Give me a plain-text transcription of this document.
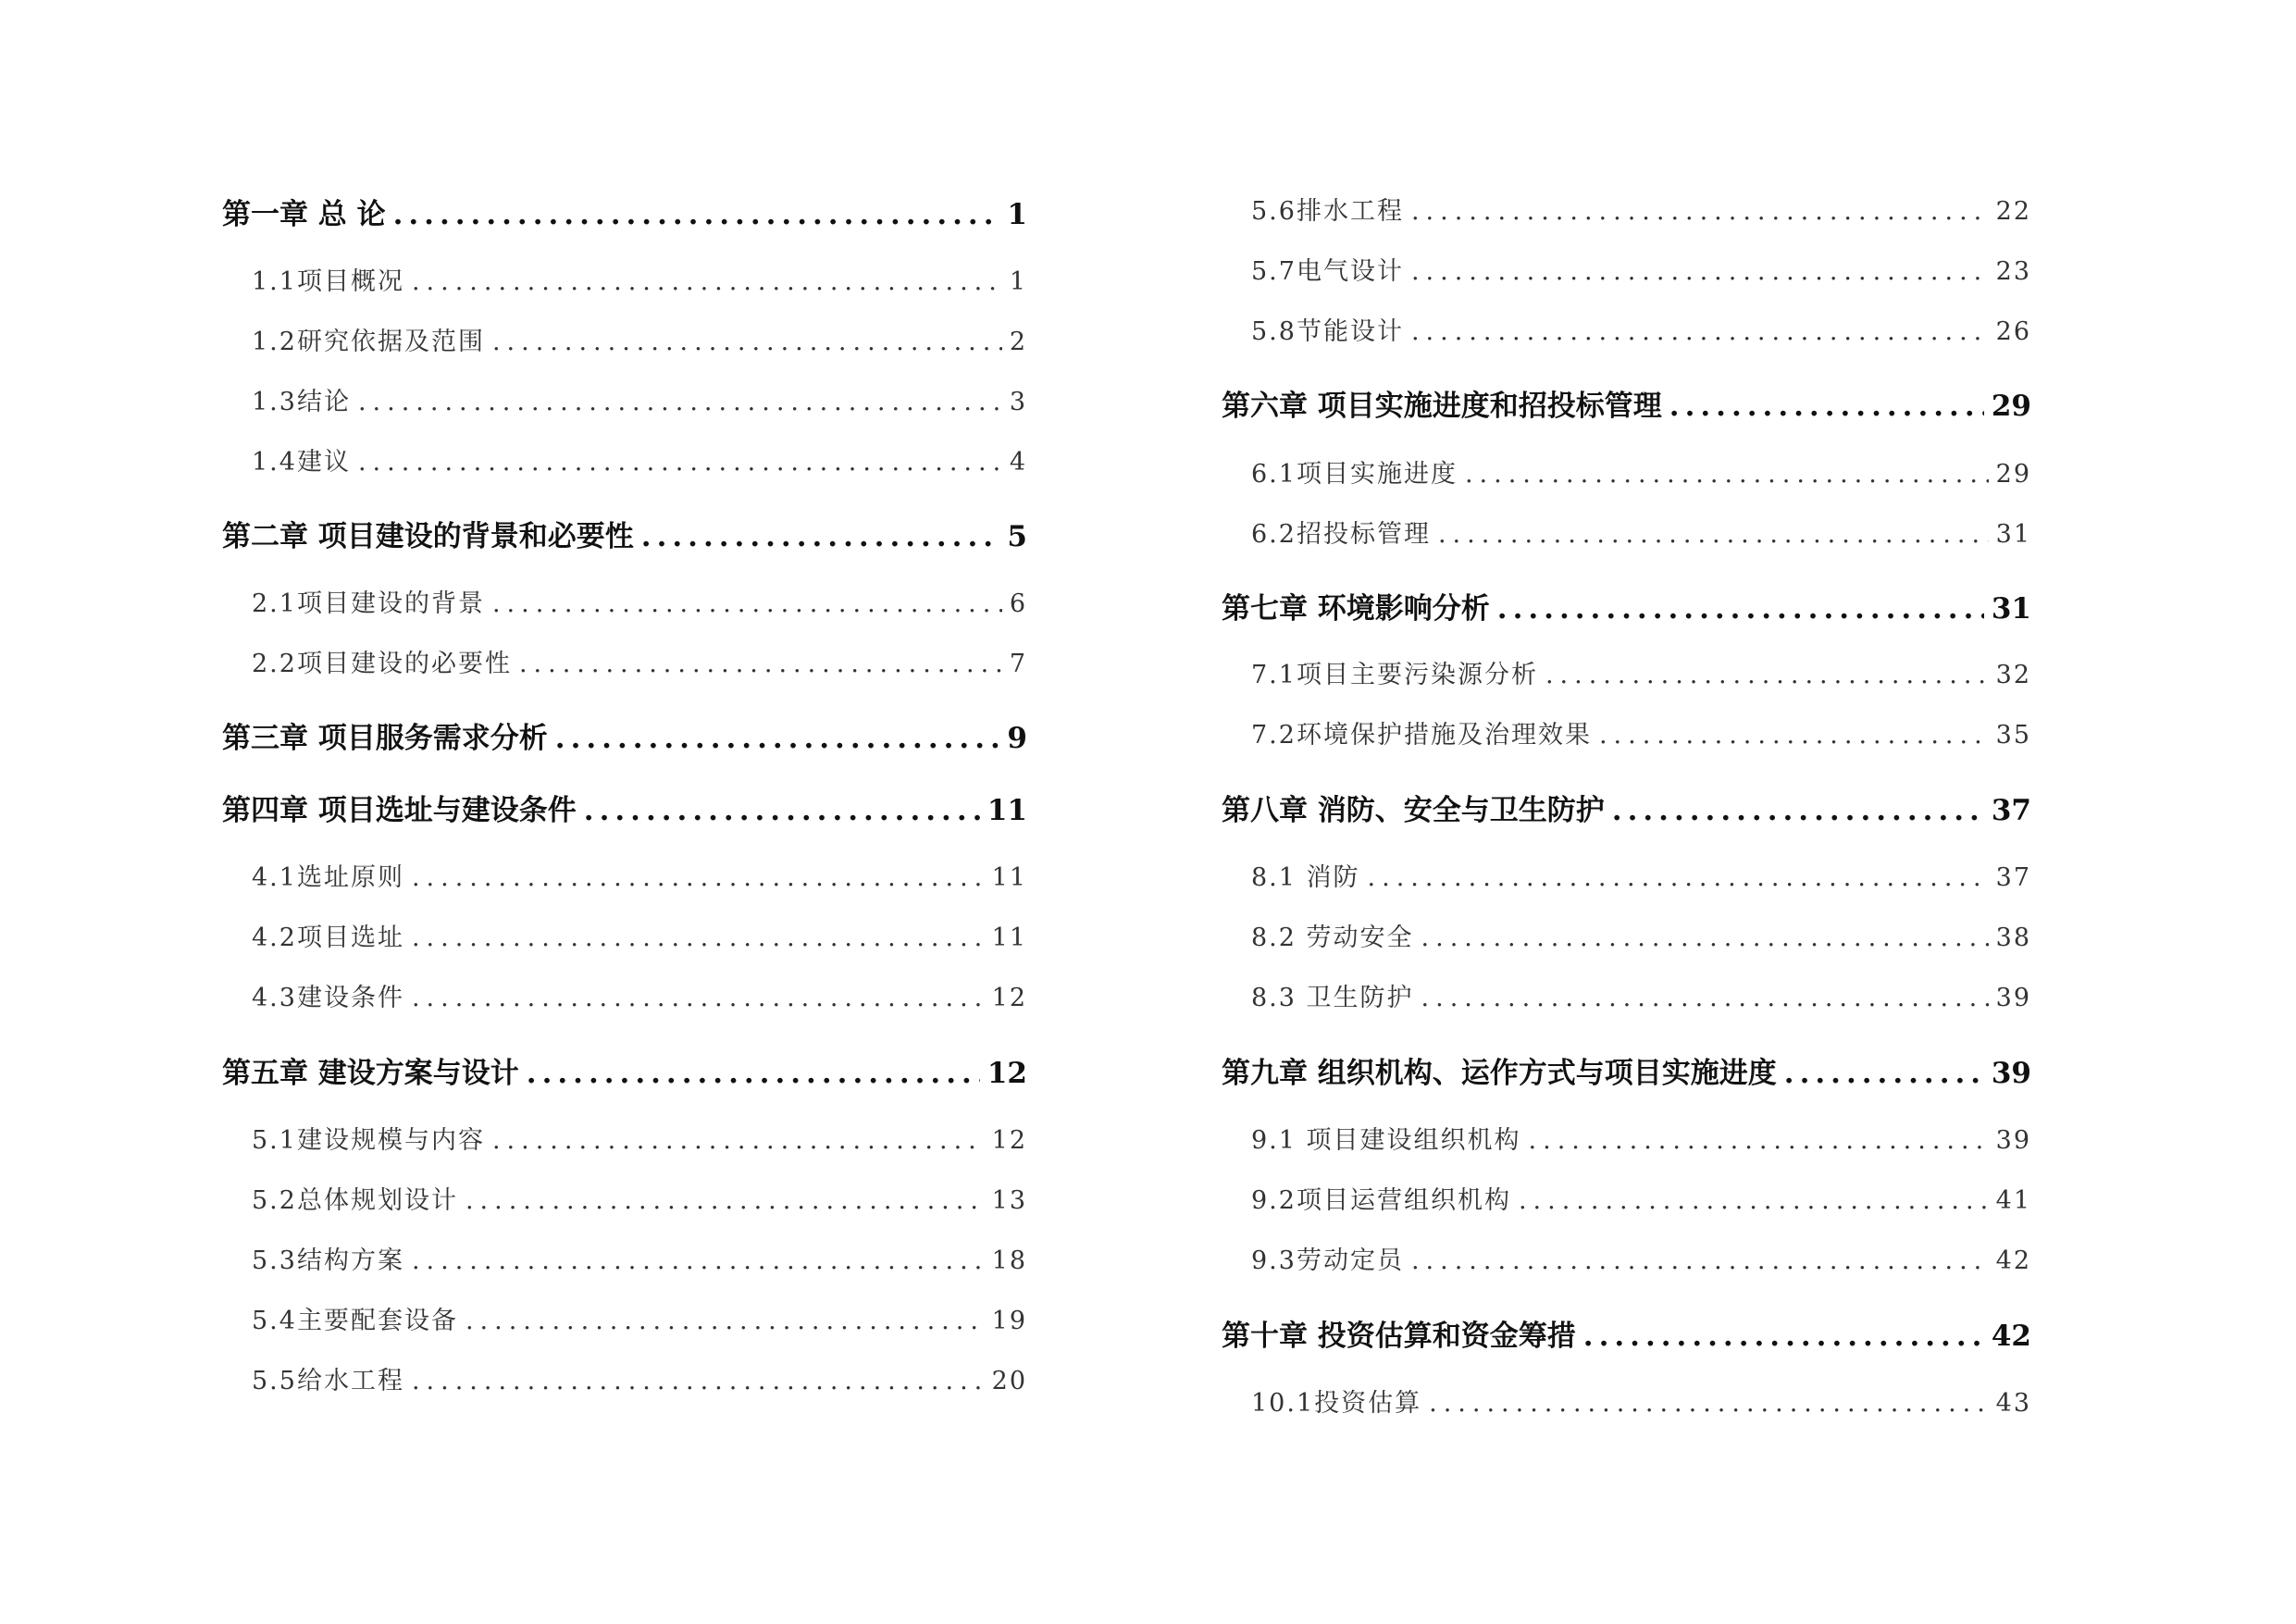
第一章 总 论 .....	1
1.1项目概况 .....	1
1.2研究依据及范围 .....	2
1.3结论 .....	3
1.4建议 .....	4
第二章 项目建设的背景和必要性 .....	5
2.1项目建设的背景 .....	6
2.2项目建设的必要性 .....	7
第三章 项目服务需求分析 .....	9
第四章 项目选址与建设条件 .....	11
4.1选址原则 .....	11
4.2项目选址 .....	11
4.3建设条件 .....	12
第五章 建设方案与设计 .....	12
5.1建设规模与内容 .....	12
5.2总体规划设计 .....	13
5.3结构方案 .....	18
5.4主要配套设备 .....	19
5.5给水工程 .....	20
5.6排水工程 .....	22
5.7电气设计 .....	23
5.8节能设计 .....	26
第六章 项目实施进度和招投标管理 .....	29
6.1项目实施进度 .....	29
6.2招投标管理 .....	31
第七章 环境影响分析 .....	31
7.1项目主要污染源分析 .....	32
7.2环境保护措施及治理效果 .....	35
第八章 消防、安全与卫生防护 .....	37
8.1 消防 .....	37
8.2 劳动安全 .....	38
8.3 卫生防护 .....	39
第九章 组织机构、运作方式与项目实施进度 .....	39
9.1 项目建设组织机构 .....	39
9.2项目运营组织机构 .....	41
9.3劳动定员 .....	42
第十章 投资估算和资金筹措 .....	42
10.1投资估算 .....	43
